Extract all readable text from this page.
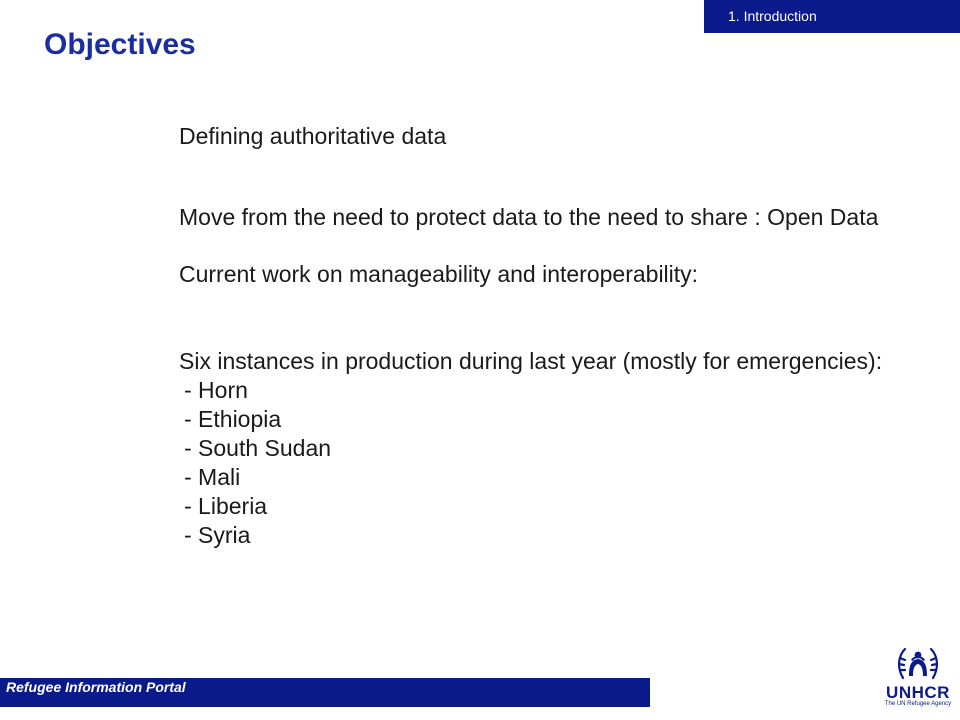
1. Introduction
Objectives

Defining authoritative data

Move from the need to protect data to the need to share : Open Data

Current work on manageability and interoperability:

Six instances in production during last year (mostly for emergencies):

- Horn
- Ethiopia
- South Sudan
- Mali
- Liberia
- Syria
Refugee Information Portal	UNHCR
The UN Refugee Agency
